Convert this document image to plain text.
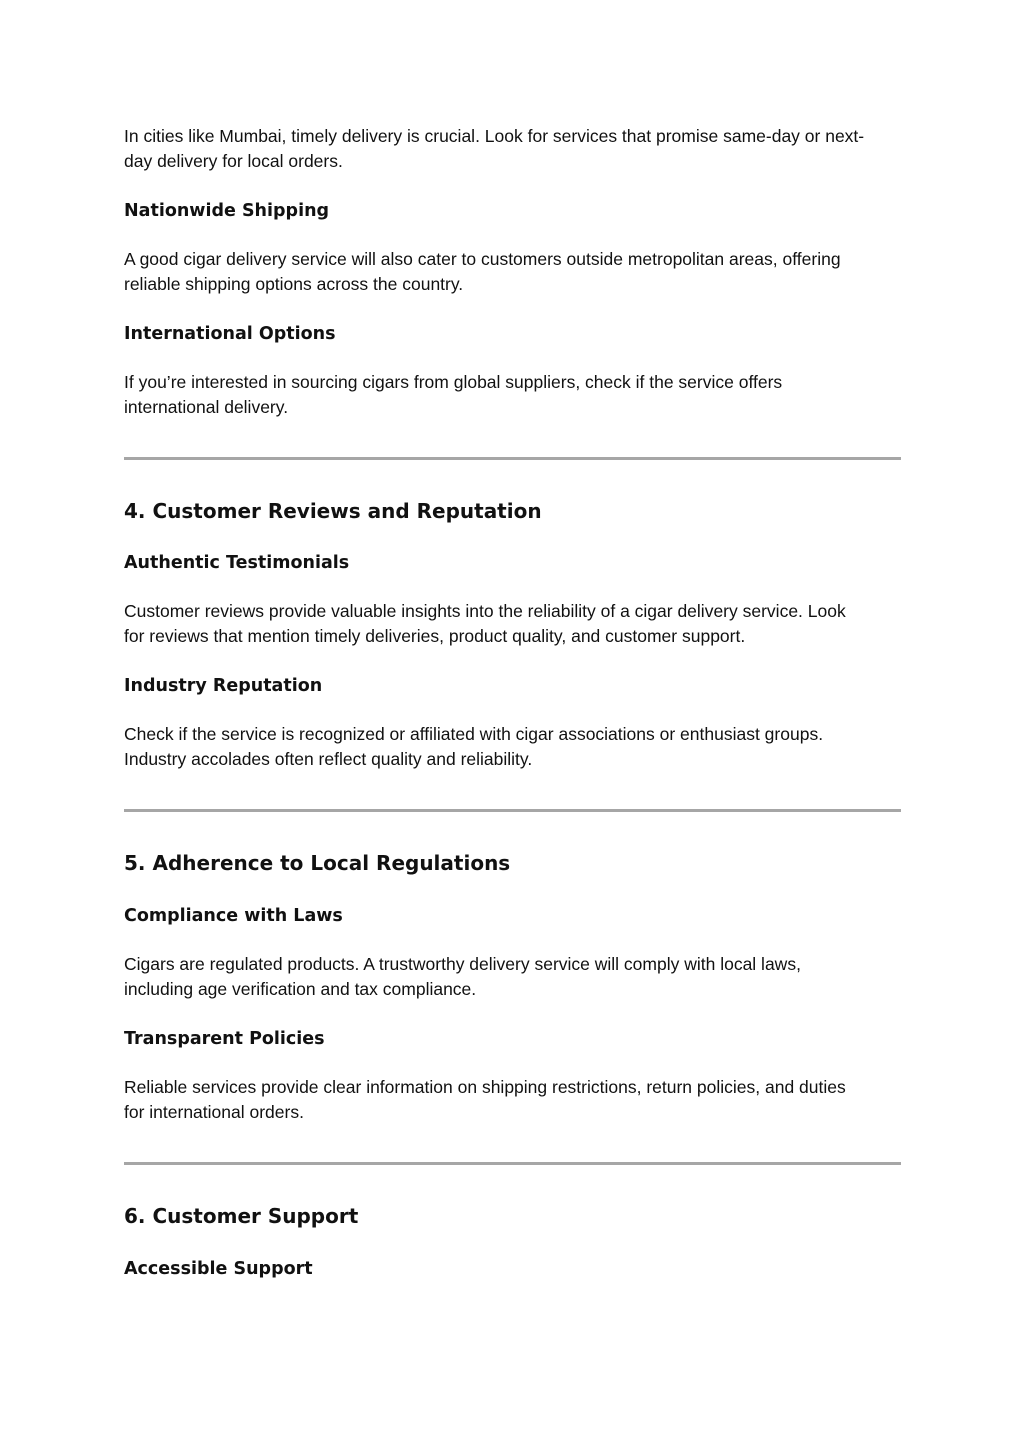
In cities like Mumbai, timely delivery is crucial. Look for services that promise same-day or next-day delivery for local orders.

Nationwide Shipping

A good cigar delivery service will also cater to customers outside metropolitan areas, offering reliable shipping options across the country.

International Options

If you’re interested in sourcing cigars from global suppliers, check if the service offers international delivery.

4. Customer Reviews and Reputation
Authentic Testimonials

Customer reviews provide valuable insights into the reliability of a cigar delivery service. Look for reviews that mention timely deliveries, product quality, and customer support.

Industry Reputation

Check if the service is recognized or affiliated with cigar associations or enthusiast groups. Industry accolades often reflect quality and reliability.

5. Adherence to Local Regulations
Compliance with Laws

Cigars are regulated products. A trustworthy delivery service will comply with local laws, including age verification and tax compliance.

Transparent Policies

Reliable services provide clear information on shipping restrictions, return policies, and duties for international orders.

6. Customer Support
Accessible Support
